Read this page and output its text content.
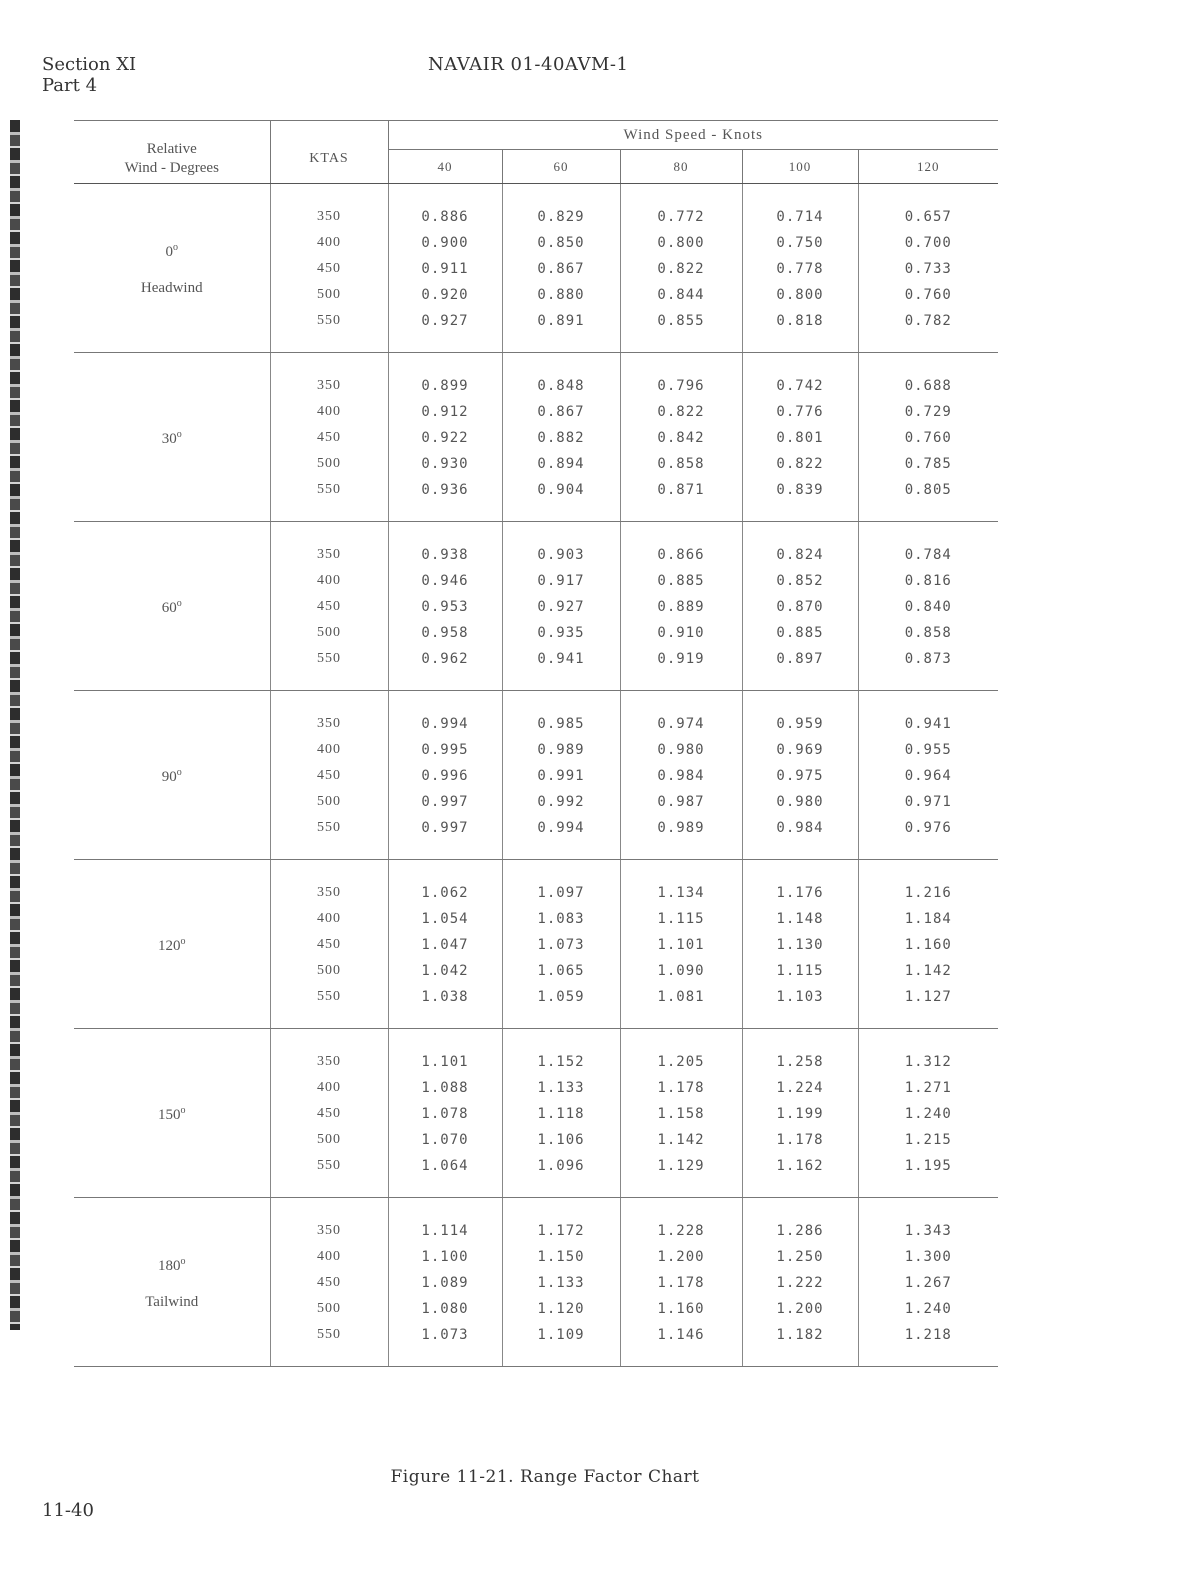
Section XI
Part 4
NAVAIR 01-40AVM-1
Relative
Wind - Degrees	KTAS	Wind Speed - Knots				
		40	60	80	100	120

0$^o$
Headwind	350	0.886	0.829	0.772	0.714	0.657
	400	0.900	0.850	0.800	0.750	0.700
	450	0.911	0.867	0.822	0.778	0.733
	500	0.920	0.880	0.844	0.800	0.760
	550	0.927	0.891	0.855	0.818	0.782

30$^o$	350	0.899	0.848	0.796	0.742	0.688
	400	0.912	0.867	0.822	0.776	0.729
	450	0.922	0.882	0.842	0.801	0.760
	500	0.930	0.894	0.858	0.822	0.785
	550	0.936	0.904	0.871	0.839	0.805

60$^o$	350	0.938	0.903	0.866	0.824	0.784
	400	0.946	0.917	0.885	0.852	0.816
	450	0.953	0.927	0.889	0.870	0.840
	500	0.958	0.935	0.910	0.885	0.858
	550	0.962	0.941	0.919	0.897	0.873

90$^o$	350	0.994	0.985	0.974	0.959	0.941
	400	0.995	0.989	0.980	0.969	0.955
	450	0.996	0.991	0.984	0.975	0.964
	500	0.997	0.992	0.987	0.980	0.971
	550	0.997	0.994	0.989	0.984	0.976

120$^o$	350	1.062	1.097	1.134	1.176	1.216
	400	1.054	1.083	1.115	1.148	1.184
	450	1.047	1.073	1.101	1.130	1.160
	500	1.042	1.065	1.090	1.115	1.142
	550	1.038	1.059	1.081	1.103	1.127

150$^o$	350	1.101	1.152	1.205	1.258	1.312
	400	1.088	1.133	1.178	1.224	1.271
	450	1.078	1.118	1.158	1.199	1.240
	500	1.070	1.106	1.142	1.178	1.215
	550	1.064	1.096	1.129	1.162	1.195

180$^o$
Tailwind	350	1.114	1.172	1.228	1.286	1.343
	400	1.100	1.150	1.200	1.250	1.300
	450	1.089	1.133	1.178	1.222	1.267
	500	1.080	1.120	1.160	1.200	1.240
	550	1.073	1.109	1.146	1.182	1.218
Figure 11-21. Range Factor Chart
11-40
